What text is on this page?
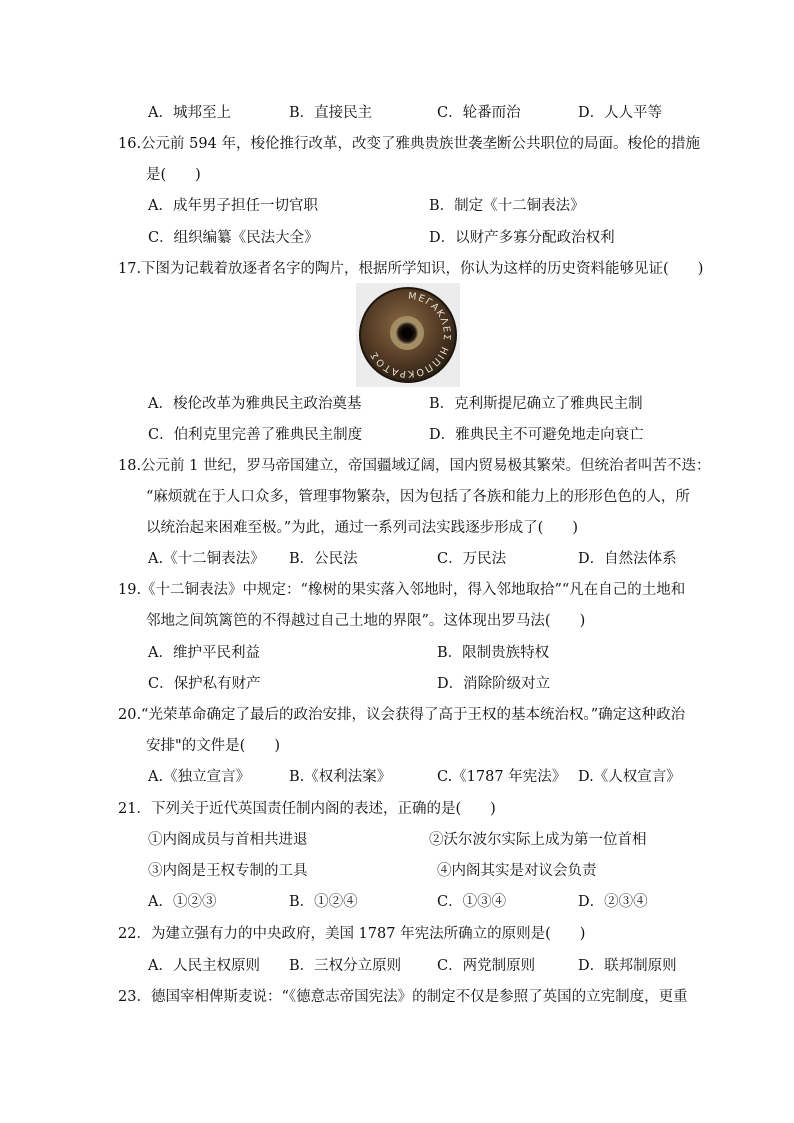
A．城邦至上	B．直接民主	C．轮番而治	D．人人平等
16.公元前 594 年，梭伦推行改革，改变了雅典贵族世袭垄断公共职位的局面。梭伦的措施
是(　　)
A．成年男子担任一切官职	B．制定《十二铜表法》
C．组织编纂《民法大全》	D．以财产多寡分配政治权利
17.下图为记载着放逐者名字的陶片，根据所学知识，你认为这样的历史资料能够见证(　　)
ΜΕΓΑΚΛΕΣ ΗΙΠΠΟΚΡΑΤΟΣ
A．梭伦改革为雅典民主政治奠基	B．克利斯提尼确立了雅典民主制
C．伯利克里完善了雅典民主制度	D．雅典民主不可避免地走向衰亡
18.公元前 1 世纪，罗马帝国建立，帝国疆域辽阔，国内贸易极其繁荣。但统治者叫苦不迭：
“麻烦就在于人口众多，管理事物繁杂，因为包括了各族和能力上的形形色色的人，所
以统治起来困难至极。”为此，通过一系列司法实践逐步形成了(　　)
A.《十二铜表法》 B．公民法	C．万民法	D．自然法体系
19.《十二铜表法》中规定：“橡树的果实落入邻地时，得入邻地取拾”“凡在自己的土地和
邻地之间筑篱笆的不得越过自己土地的界限”。这体现出罗马法(　　)
A．维护平民利益	B．限制贵族特权
C．保护私有财产	D．消除阶级对立
20.“光荣革命确定了最后的政治安排，议会获得了高于王权的基本统治权。”确定这种政治
安排"的文件是(　　)
A.《独立宣言》	B.《权利法案》	C.《1787 年宪法》 D.《人权宣言》
21．下列关于近代英国责任制内阁的表述，正确的是(　　)
①内阁成员与首相共进退	②沃尔波尔实际上成为第一位首相
③内阁是王权专制的工具	④内阁其实是对议会负责
A．①②③	B．①②④	C．①③④	D．②③④
22．为建立强有力的中央政府，美国 1787 年宪法所确立的原则是(　　)
A．人民主权原则 B．三权分立原则 C．两党制原则	D．联邦制原则
23．德国宰相俾斯麦说：“《德意志帝国宪法》的制定不仅是参照了英国的立宪制度，更重
